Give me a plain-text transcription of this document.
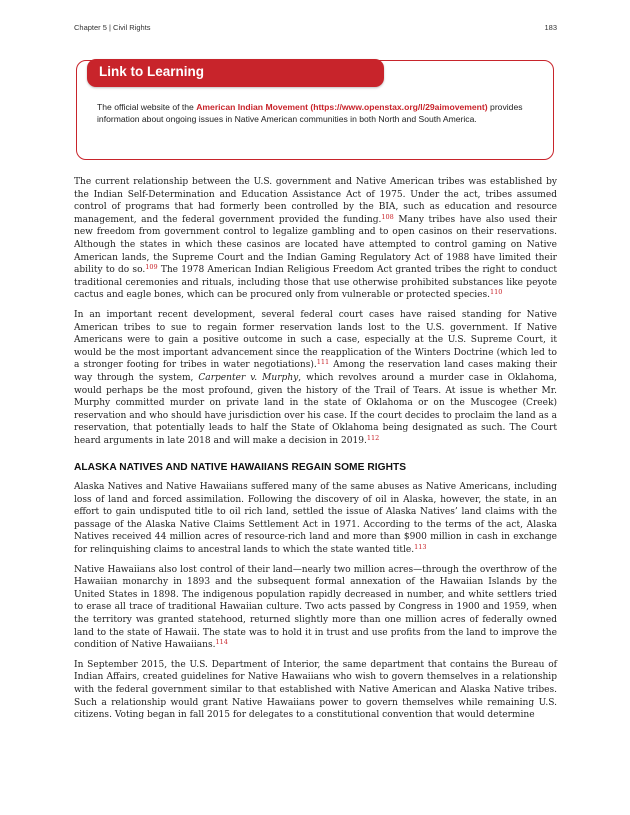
Chapter 5 | Civil Rights	183
Link to Learning
The official website of the American Indian Movement (https://www.openstax.org/l/29aimovement) provides information about ongoing issues in Native American communities in both North and South America.

The current relationship between the U.S. government and Native American tribes was established by the Indian Self-Determination and Education Assistance Act of 1975. Under the act, tribes assumed control of programs that had formerly been controlled by the BIA, such as education and resource management, and the federal government provided the funding.$^{108}$ Many tribes have also used their new freedom from government control to legalize gambling and to open casinos on their reservations. Although the states in which these casinos are located have attempted to control gaming on Native American lands, the Supreme Court and the Indian Gaming Regulatory Act of 1988 have limited their ability to do so.$^{109}$ The 1978 American Indian Religious Freedom Act granted tribes the right to conduct traditional ceremonies and rituals, including those that use otherwise prohibited substances like peyote cactus and eagle bones, which can be procured only from vulnerable or protected species.$^{110}$

In an important recent development, several federal court cases have raised standing for Native American tribes to sue to regain former reservation lands lost to the U.S. government. If Native Americans were to gain a positive outcome in such a case, especially at the U.S. Supreme Court, it would be the most important advancement since the reapplication of the Winters Doctrine (which led to a stronger footing for tribes in water negotiations).$^{111}$ Among the reservation land cases making their way through the system, Carpenter v. Murphy, which revolves around a murder case in Oklahoma, would perhaps be the most profound, given the history of the Trail of Tears. At issue is whether Mr. Murphy committed murder on private land in the state of Oklahoma or on the Muscogee (Creek) reservation and who should have jurisdiction over his case. If the court decides to proclaim the land as a reservation, that potentially leads to half the State of Oklahoma being designated as such. The Court heard arguments in late 2018 and will make a decision in 2019.$^{112}$

ALASKA NATIVES AND NATIVE HAWAIIANS REGAIN SOME RIGHTS

Alaska Natives and Native Hawaiians suffered many of the same abuses as Native Americans, including loss of land and forced assimilation. Following the discovery of oil in Alaska, however, the state, in an effort to gain undisputed title to oil rich land, settled the issue of Alaska Natives’ land claims with the passage of the Alaska Native Claims Settlement Act in 1971. According to the terms of the act, Alaska Natives received 44 million acres of resource-rich land and more than $900 million in cash in exchange for relinquishing claims to ancestral lands to which the state wanted title.$^{113}$

Native Hawaiians also lost control of their land—nearly two million acres—through the overthrow of the Hawaiian monarchy in 1893 and the subsequent formal annexation of the Hawaiian Islands by the United States in 1898. The indigenous population rapidly decreased in number, and white settlers tried to erase all trace of traditional Hawaiian culture. Two acts passed by Congress in 1900 and 1959, when the territory was granted statehood, returned slightly more than one million acres of federally owned land to the state of Hawaii. The state was to hold it in trust and use profits from the land to improve the condition of Native Hawaiians.$^{114}$

In September 2015, the U.S. Department of Interior, the same department that contains the Bureau of Indian Affairs, created guidelines for Native Hawaiians who wish to govern themselves in a relationship with the federal government similar to that established with Native American and Alaska Native tribes. Such a relationship would grant Native Hawaiians power to govern themselves while remaining U.S. citizens. Voting began in fall 2015 for delegates to a constitutional convention that would determine
